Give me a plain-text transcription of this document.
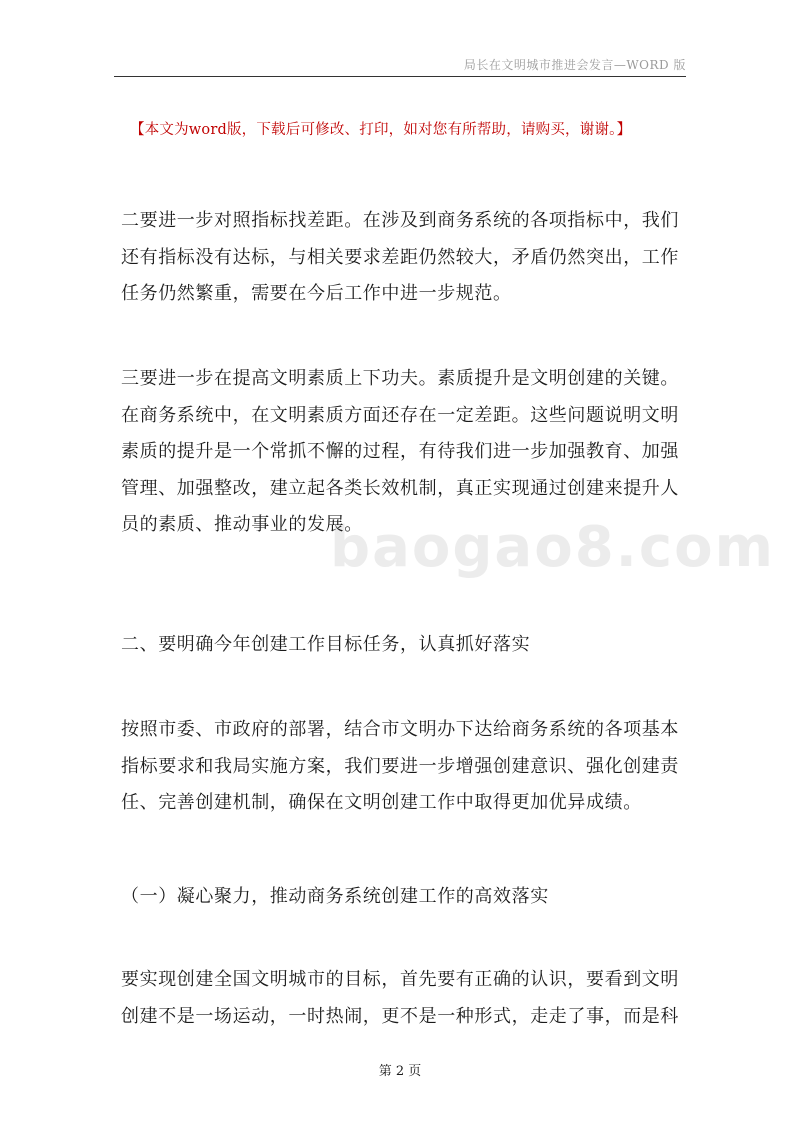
局长在文明城市推进会发言—WORD 版
【本文为word版，下载后可修改、打印，如对您有所帮助，请购买，谢谢。】
baogao8.com
二要进一步对照指标找差距。在涉及到商务系统的各项指标中，我们还有指标没有达标，与相关要求差距仍然较大，矛盾仍然突出，工作任务仍然繁重，需要在今后工作中进一步规范。
三要进一步在提高文明素质上下功夫。素质提升是文明创建的关键。在商务系统中，在文明素质方面还存在一定差距。这些问题说明文明素质的提升是一个常抓不懈的过程，有待我们进一步加强教育、加强管理、加强整改，建立起各类长效机制，真正实现通过创建来提升人员的素质、推动事业的发展。
二、要明确今年创建工作目标任务，认真抓好落实
按照市委、市政府的部署，结合市文明办下达给商务系统的各项基本指标要求和我局实施方案，我们要进一步增强创建意识、强化创建责任、完善创建机制，确保在文明创建工作中取得更加优异成绩。
（一）凝心聚力，推动商务系统创建工作的高效落实
要实现创建全国文明城市的目标，首先要有正确的认识，要看到文明创建不是一场运动，一时热闹，更不是一种形式，走走了事，而是科
第 2 页
